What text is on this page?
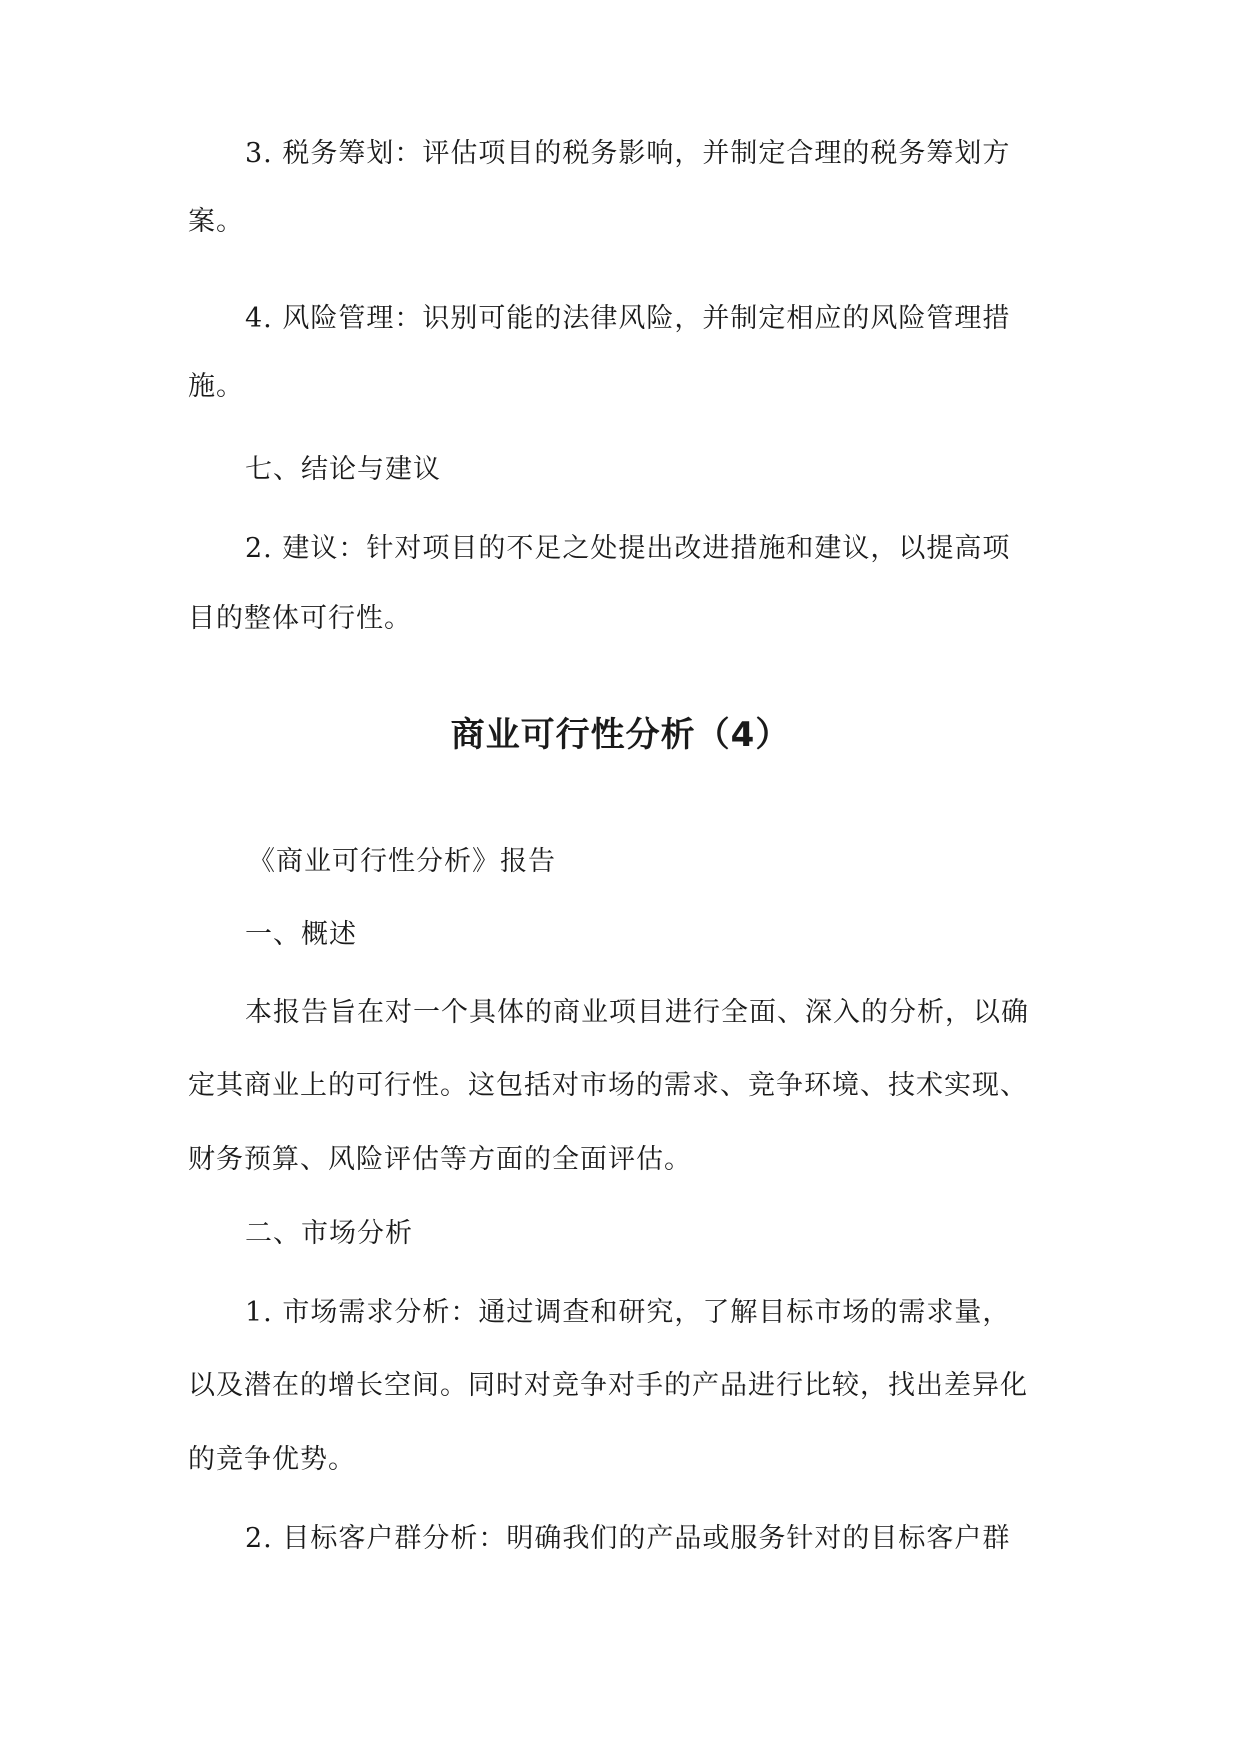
3. 税务筹划：评估项目的税务影响，并制定合理的税务筹划方
案。
4. 风险管理：识别可能的法律风险，并制定相应的风险管理措
施。
七、结论与建议
2. 建议：针对项目的不足之处提出改进措施和建议，以提高项
目的整体可行性。
商业可行性分析（4）
《商业可行性分析》报告
一、概述
本报告旨在对一个具体的商业项目进行全面、深入的分析，以确
定其商业上的可行性。这包括对市场的需求、竞争环境、技术实现、
财务预算、风险评估等方面的全面评估。
二、市场分析
1. 市场需求分析：通过调查和研究，了解目标市场的需求量，
以及潜在的增长空间。同时对竞争对手的产品进行比较，找出差异化
的竞争优势。
2. 目标客户群分析：明确我们的产品或服务针对的目标客户群
